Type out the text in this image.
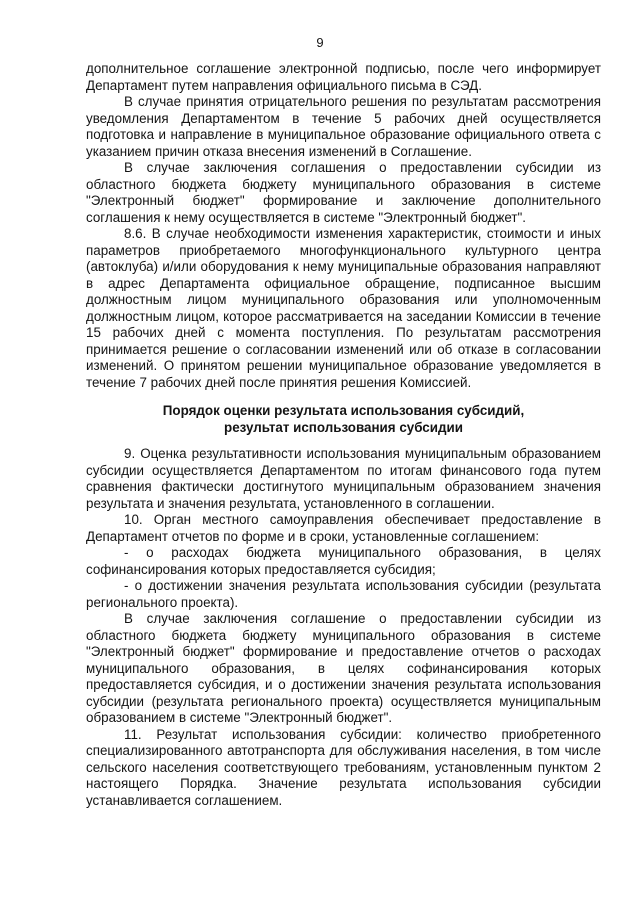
9

дополнительное соглашение электронной подписью, после чего информирует Департамент путем направления официального письма в СЭД.

В случае принятия отрицательного решения по результатам рассмотрения уведомления Департаментом в течение 5 рабочих дней осуществляется подготовка и направление в муниципальное образование официального ответа с указанием причин отказа внесения изменений в Соглашение.

В случае заключения соглашения о предоставлении субсидии из областного бюджета бюджету муниципального образования в системе "Электронный бюджет" формирование и заключение дополнительного соглашения к нему осуществляется в системе "Электронный бюджет".

8.6. В случае необходимости изменения характеристик, стоимости и иных параметров приобретаемого многофункционального культурного центра (автоклуба) и/или оборудования к нему муниципальные образования направляют в адрес Департамента официальное обращение, подписанное высшим должностным лицом муниципального образования или уполномоченным должностным лицом, которое рассматривается на заседании Комиссии в течение 15 рабочих дней с момента поступления. По результатам рассмотрения принимается решение о согласовании изменений или об отказе в согласовании изменений. О принятом решении муниципальное образование уведомляется в течение 7 рабочих дней после принятия решения Комиссией.

Порядок оценки результата использования субсидий,
результат использования субсидии

9. Оценка результативности использования муниципальным образованием субсидии осуществляется Департаментом по итогам финансового года путем сравнения фактически достигнутого муниципальным образованием значения результата и значения результата, установленного в соглашении.

10. Орган местного самоуправления обеспечивает предоставление в Департамент отчетов по форме и в сроки, установленные соглашением:

- о расходах бюджета муниципального образования, в целях софинансирования которых предоставляется субсидия;

- о достижении значения результата использования субсидии (результата регионального проекта).

В случае заключения соглашение о предоставлении субсидии из областного бюджета бюджету муниципального образования в системе "Электронный бюджет" формирование и предоставление отчетов о расходах муниципального образования, в целях софинансирования которых предоставляется субсидия, и о достижении значения результата использования субсидии (результата регионального проекта) осуществляется муниципальным образованием в системе "Электронный бюджет".

11. Результат использования субсидии: количество приобретенного специализированного автотранспорта для обслуживания населения, в том числе сельского населения соответствующего требованиям, установленным пунктом 2 настоящего Порядка. Значение результата использования субсидии устанавливается соглашением.
